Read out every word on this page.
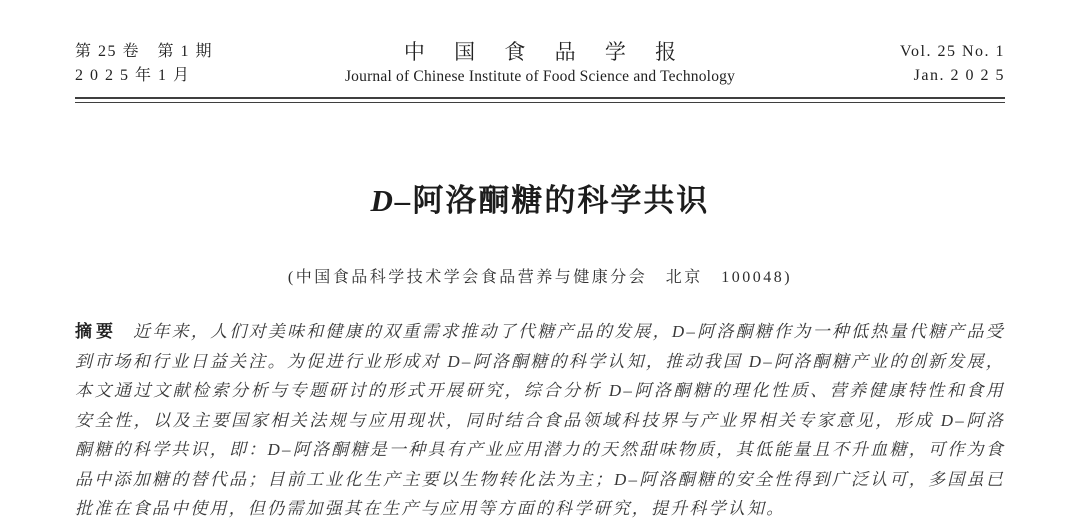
第 25 卷　第 1 期
2 0 2 5 年 1 月
中 国 食 品 学 报
Journal of Chinese Institute of Food Science and Technology
Vol. 25 No. 1
Jan. 2 0 2 5
D–阿洛酮糖的科学共识
(中国食品科学技术学会食品营养与健康分会　北京　100048)

摘要 近年来，人们对美味和健康的双重需求推动了代糖产品的发展，D–阿洛酮糖作为一种低热量代糖产品受到市场和行业日益关注。为促进行业形成对 D–阿洛酮糖的科学认知，推动我国 D–阿洛酮糖产业的创新发展，本文通过文献检索分析与专题研讨的形式开展研究，综合分析 D–阿洛酮糖的理化性质、营养健康特性和食用安全性，以及主要国家相关法规与应用现状，同时结合食品领域科技界与产业界相关专家意见，形成 D–阿洛酮糖的科学共识，即：D–阿洛酮糖是一种具有产业应用潜力的天然甜味物质，其低能量且不升血糖，可作为食品中添加糖的替代品；目前工业化生产主要以生物转化法为主；D–阿洛酮糖的安全性得到广泛认可，多国虽已批准在食品中使用，但仍需加强其在生产与应用等方面的科学研究，提升科学认知。
